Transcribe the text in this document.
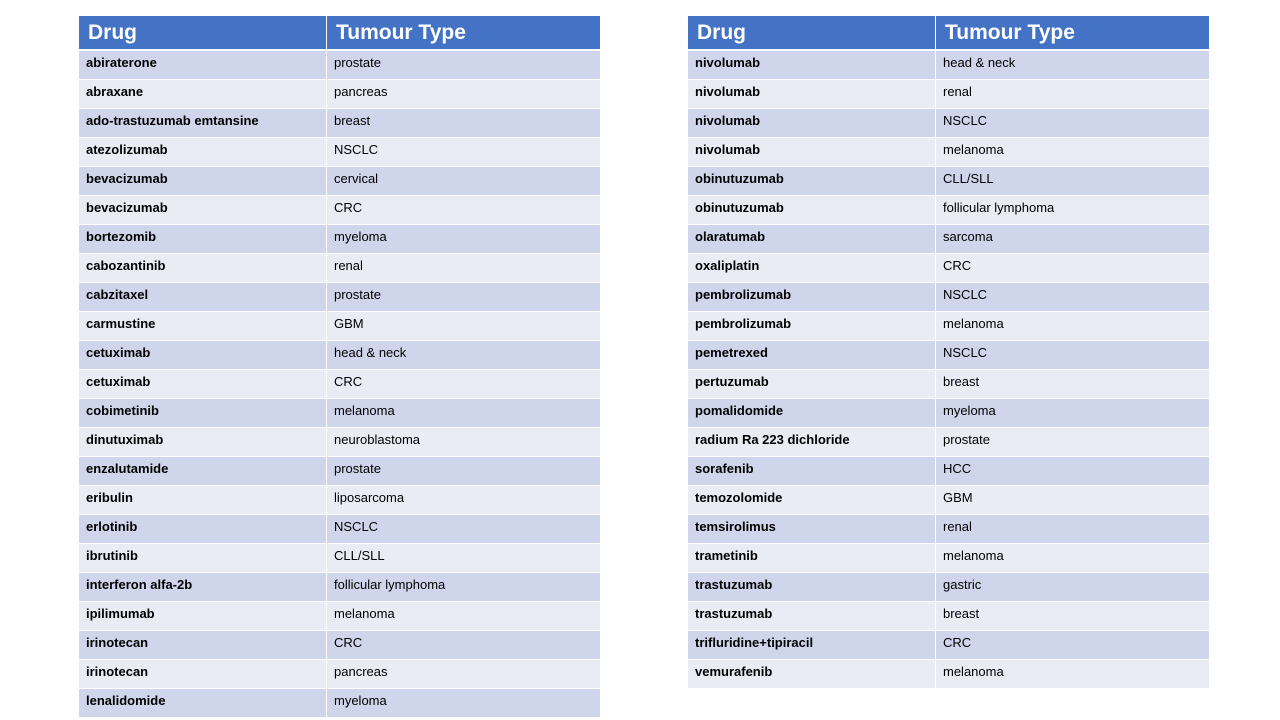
Drug	Tumour Type
abiraterone	prostate
abraxane	pancreas
ado-trastuzumab emtansine	breast
atezolizumab	NSCLC
bevacizumab	cervical
bevacizumab	CRC
bortezomib	myeloma
cabozantinib	renal
cabzitaxel	prostate
carmustine	GBM
cetuximab	head & neck
cetuximab	CRC
cobimetinib	melanoma
dinutuximab	neuroblastoma
enzalutamide	prostate
eribulin	liposarcoma
erlotinib	NSCLC
ibrutinib	CLL/SLL
interferon alfa-2b	follicular lymphoma
ipilimumab	melanoma
irinotecan	CRC
irinotecan	pancreas
lenalidomide	myeloma
Drug	Tumour Type
nivolumab	head & neck
nivolumab	renal
nivolumab	NSCLC
nivolumab	melanoma
obinutuzumab	CLL/SLL
obinutuzumab	follicular lymphoma
olaratumab	sarcoma
oxaliplatin	CRC
pembrolizumab	NSCLC
pembrolizumab	melanoma
pemetrexed	NSCLC
pertuzumab	breast
pomalidomide	myeloma
radium Ra 223 dichloride	prostate
sorafenib	HCC
temozolomide	GBM
temsirolimus	renal
trametinib	melanoma
trastuzumab	gastric
trastuzumab	breast
trifluridine+tipiracil	CRC
vemurafenib	melanoma
